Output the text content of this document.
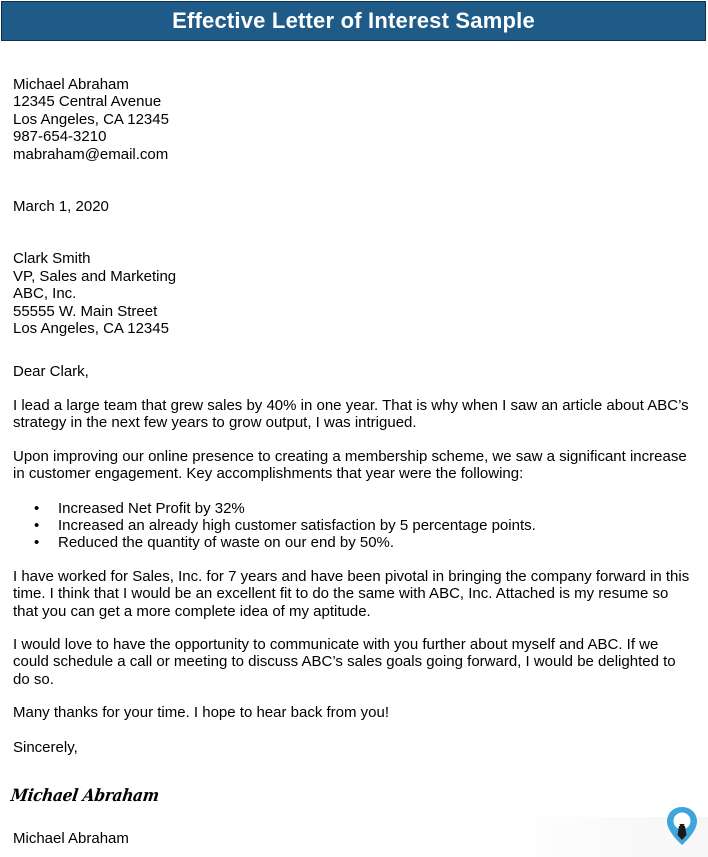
Effective Letter of Interest Sample
Michael Abraham
12345 Central Avenue
Los Angeles, CA 12345
987-654-3210
mabraham@email.com
March 1, 2020
Clark Smith
VP, Sales and Marketing
ABC, Inc.
55555 W. Main Street
Los Angeles, CA 12345
Dear Clark,

I lead a large team that grew sales by 40% in one year. That is why when I saw an article about ABC’s strategy in the next few years to grow output, I was intrigued.

Upon improving our online presence to creating a membership scheme, we saw a significant increase in customer engagement. Key accomplishments that year were the following:

• Increased Net Profit by 32%
• Increased an already high customer satisfaction by 5 percentage points.
• Reduced the quantity of waste on our end by 50%.

I have worked for Sales, Inc. for 7 years and have been pivotal in bringing the company forward in this time. I think that I would be an excellent fit to do the same with ABC, Inc. Attached is my resume so that you can get a more complete idea of my aptitude.

I would love to have the opportunity to communicate with you further about myself and ABC. If we could schedule a call or meeting to discuss ABC’s sales goals going forward, I would be delighted to do so.

Many thanks for your time. I hope to hear back from you!

Sincerely,
Michael Abraham
Michael Abraham
